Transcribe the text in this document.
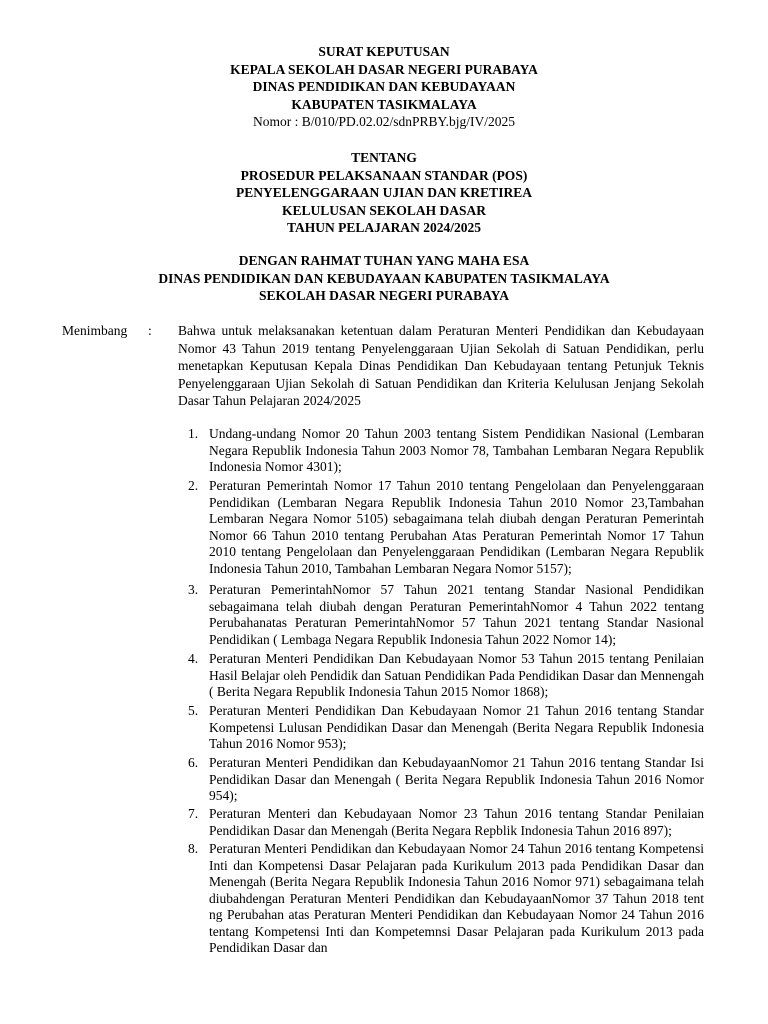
SURAT KEPUTUSAN
KEPALA SEKOLAH DASAR NEGERI PURABAYA
DINAS PENDIDIKAN DAN KEBUDAYAAN
KABUPATEN TASIKMALAYA
Nomor : B/010/PD.02.02/sdnPRBY.bjg/IV/2025
TENTANG
PROSEDUR PELAKSANAAN STANDAR (POS)
PENYELENGGARAAN UJIAN DAN KRETIREA
KELULUSAN SEKOLAH DASAR
TAHUN PELAJARAN 2024/2025
DENGAN RAHMAT TUHAN YANG MAHA ESA
DINAS PENDIDIKAN DAN KEBUDAYAAN KABUPATEN TASIKMALAYA
SEKOLAH DASAR NEGERI PURABAYA
Menimbang : Bahwa untuk melaksanakan ketentuan dalam Peraturan Menteri Pendidikan dan Kebudayaan Nomor 43 Tahun 2019 tentang Penyelenggaraan Ujian Sekolah di Satuan Pendidikan, perlu menetapkan Keputusan Kepala Dinas Pendidikan Dan Kebudayaan tentang Petunjuk Teknis Penyelenggaraan Ujian Sekolah di Satuan Pendidikan dan Kriteria Kelulusan Jenjang Sekolah Dasar Tahun Pelajaran 2024/2025
1. Undang-undang Nomor 20 Tahun 2003 tentang Sistem Pendidikan Nasional (Lembaran Negara Republik Indonesia Tahun 2003 Nomor 78, Tambahan Lembaran Negara Republik Indonesia Nomor 4301);
2. Peraturan Pemerintah Nomor 17 Tahun 2010 tentang Pengelolaan dan Penyelenggaraan Pendidikan (Lembaran Negara Republik Indonesia Tahun 2010 Nomor 23,Tambahan Lembaran Negara Nomor 5105) sebagaimana telah diubah dengan Peraturan Pemerintah Nomor 66 Tahun 2010 tentang Perubahan Atas Peraturan Pemerintah Nomor 17 Tahun 2010 tentang Pengelolaan dan Penyelenggaraan Pendidikan (Lembaran Negara Republik Indonesia Tahun 2010, Tambahan Lembaran Negara Nomor 5157);
3. Peraturan PemerintahNomor 57 Tahun 2021 tentang Standar Nasional Pendidikan sebagaimana telah diubah dengan Peraturan PemerintahNomor 4 Tahun 2022 tentang Perubahanatas Peraturan PemerintahNomor 57 Tahun 2021 tentang Standar Nasional Pendidikan ( Lembaga Negara Republik Indonesia Tahun 2022 Nomor 14);
4. Peraturan Menteri Pendidikan Dan Kebudayaan Nomor 53 Tahun 2015 tentang Penilaian Hasil Belajar oleh Pendidik dan Satuan Pendidikan Pada Pendidikan Dasar dan Mennengah ( Berita Negara Republik Indonesia Tahun 2015 Nomor 1868);
5. Peraturan Menteri Pendidikan Dan Kebudayaan Nomor 21 Tahun 2016 tentang Standar Kompetensi Lulusan Pendidikan Dasar dan Menengah (Berita Negara Republik Indonesia Tahun 2016 Nomor 953);
6. Peraturan Menteri Pendidikan dan KebudayaanNomor 21 Tahun 2016 tentang Standar Isi Pendidikan Dasar dan Menengah ( Berita Negara Republik Indonesia Tahun 2016 Nomor 954);
7. Peraturan Menteri dan Kebudayaan Nomor 23 Tahun 2016 tentang Standar Penilaian Pendidikan Dasar dan Menengah (Berita Negara Repblik Indonesia Tahun 2016 897);
8. Peraturan Menteri Pendidikan dan Kebudayaan Nomor 24 Tahun 2016 tentang Kompetensi Inti dan Kompetensi Dasar Pelajaran pada Kurikulum 2013 pada Pendidikan Dasar dan Menengah (Berita Negara Republik Indonesia Tahun 2016 Nomor 971) sebagaimana telah diubahdengan Peraturan Menteri Pendidikan dan KebudayaanNomor 37 Tahun 2018 tent ng Perubahan atas Peraturan Menteri Pendidikan dan Kebudayaan Nomor 24 Tahun 2016 tentang Kompetensi Inti dan Kompetemnsi Dasar Pelajaran pada Kurikulum 2013 pada Pendidikan Dasar dan
